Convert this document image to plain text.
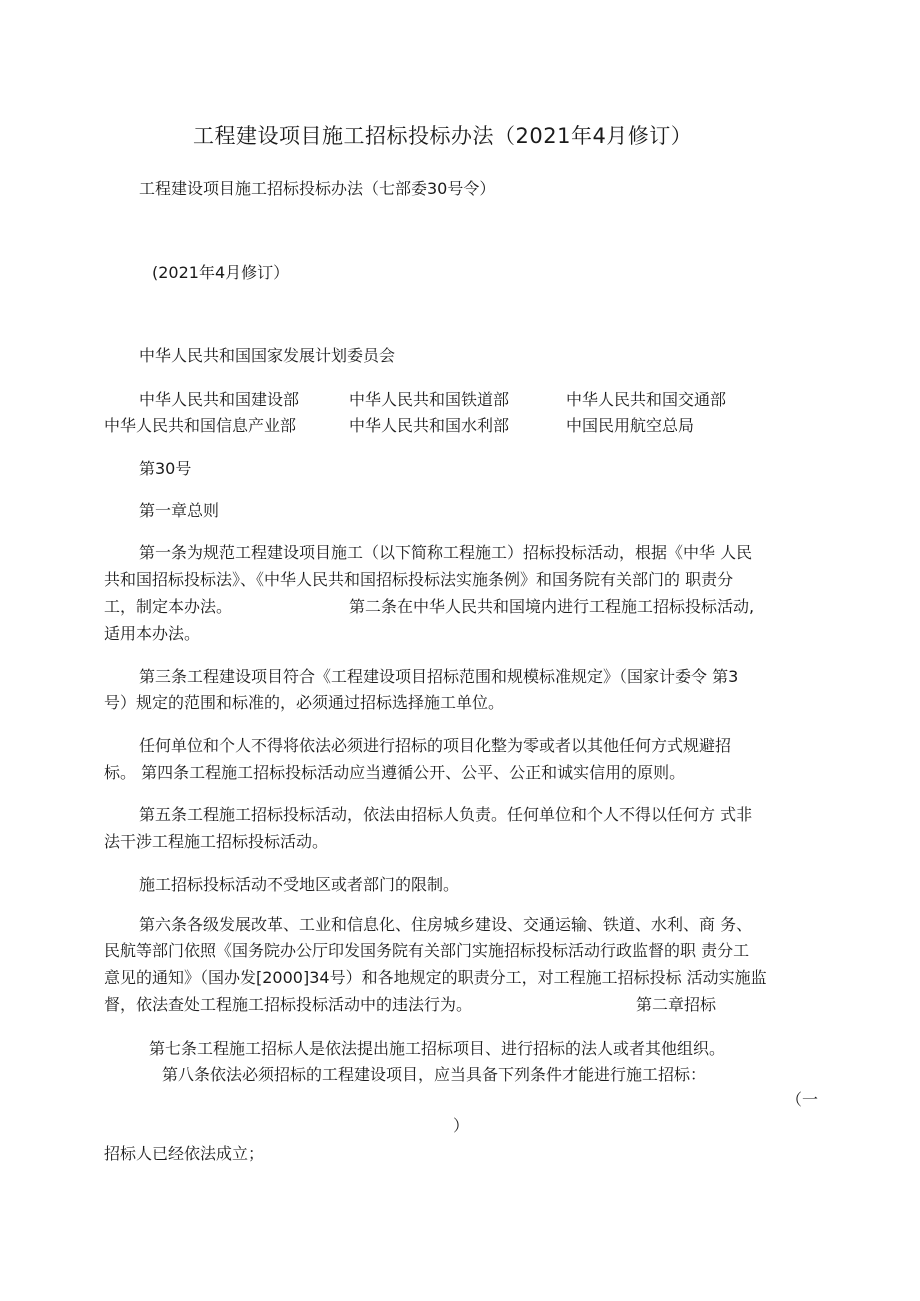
工程建设项目施工招标投标办法（2021年4月修订）
工程建设项目施工招标投标办法（七部委30号令）
(2021年4月修订）
中华人民共和国国家发展计划委员会
中华人民共和国建设部	中华人民共和国铁道部	中华人民共和国交通部
中华人民共和国信息产业部	中华人民共和国水利部	中国民用航空总局
第30号
第一章总则
第一条为规范工程建设项目施工（以下简称工程施工）招标投标活动，根据《中华 人民
共和国招标投标法》、《中华人民共和国招标投标法实施条例》和国务院有关部门的 职责分
工，制定本办法。	第二条在中华人民共和国境内进行工程施工招标投标活动,
适用本办法。
第三条工程建设项目符合《工程建设项目招标范围和规模标准规定》（国家计委令 第3
号）规定的范围和标准的，必须通过招标选择施工单位。
任何单位和个人不得将依法必须进行招标的项目化整为零或者以其他任何方式规避招
标。 第四条工程施工招标投标活动应当遵循公开、公平、公正和诚实信用的原则。
第五条工程施工招标投标活动，依法由招标人负责。任何单位和个人不得以任何方 式非
法干涉工程施工招标投标活动。
施工招标投标活动不受地区或者部门的限制。
第六条各级发展改革、工业和信息化、住房城乡建设、交通运输、铁道、水利、商 务、
民航等部门依照《国务院办公厅印发国务院有关部门实施招标投标活动行政监督的职 责分工
意见的通知》（国办发[2000]34号）和各地规定的职责分工，对工程施工招标投标 活动实施监
督，依法查处工程施工招标投标活动中的违法行为。	第二章招标
第七条工程施工招标人是依法提出施工招标项目、进行招标的法人或者其他组织。
第八条依法必须招标的工程建设项目，应当具备下列条件才能进行施工招标：
（一
）
招标人已经依法成立；
